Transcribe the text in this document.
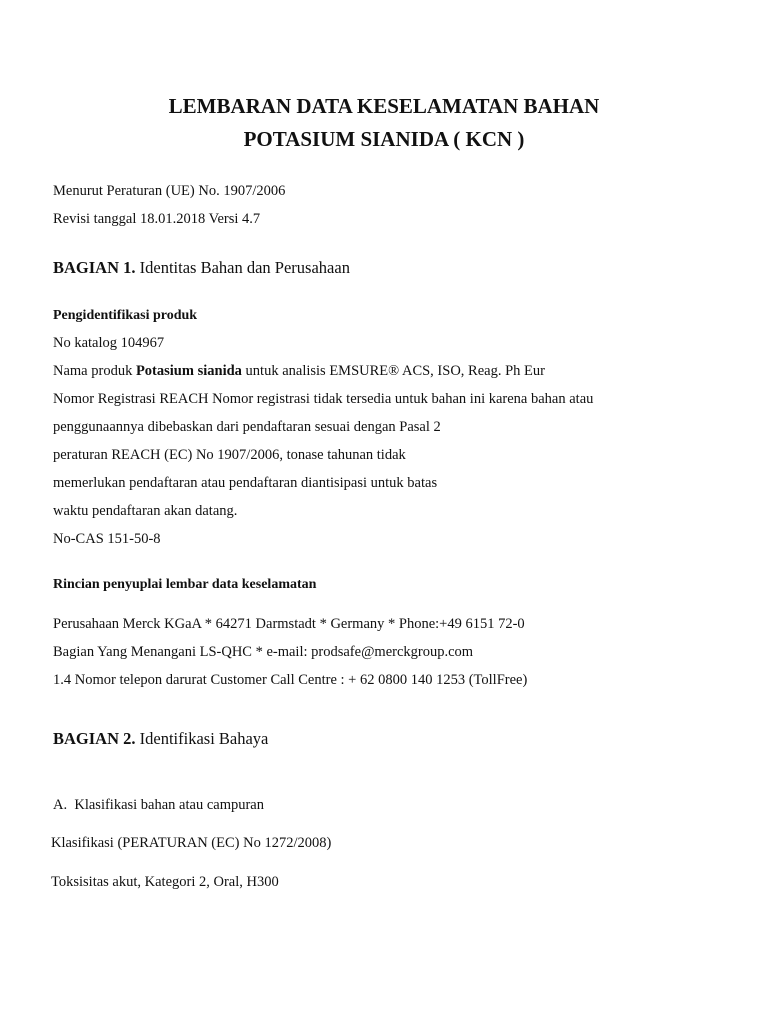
LEMBARAN DATA KESELAMATAN BAHAN
POTASIUM SIANIDA ( KCN )
Menurut Peraturan (UE) No. 1907/2006
Revisi tanggal 18.01.2018 Versi 4.7
BAGIAN 1. Identitas Bahan dan Perusahaan
Pengidentifikasi produk
No katalog 104967
Nama produk Potasium sianida untuk analisis EMSURE® ACS, ISO, Reag. Ph Eur
Nomor Registrasi REACH Nomor registrasi tidak tersedia untuk bahan ini karena bahan atau
penggunaannya dibebaskan dari pendaftaran sesuai dengan Pasal 2
peraturan REACH (EC) No 1907/2006, tonase tahunan tidak
memerlukan pendaftaran atau pendaftaran diantisipasi untuk batas
waktu pendaftaran akan datang.
No-CAS 151-50-8
Rincian penyuplai lembar data keselamatan
Perusahaan Merck KGaA * 64271 Darmstadt * Germany * Phone:+49 6151 72-0
Bagian Yang Menangani LS-QHC * e-mail: prodsafe@merckgroup.com
1.4 Nomor telepon darurat Customer Call Centre : + 62 0800 140 1253 (TollFree)
BAGIAN 2. Identifikasi Bahaya
A. Klasifikasi bahan atau campuran
Klasifikasi (PERATURAN (EC) No 1272/2008)
Toksisitas akut, Kategori 2, Oral, H300
